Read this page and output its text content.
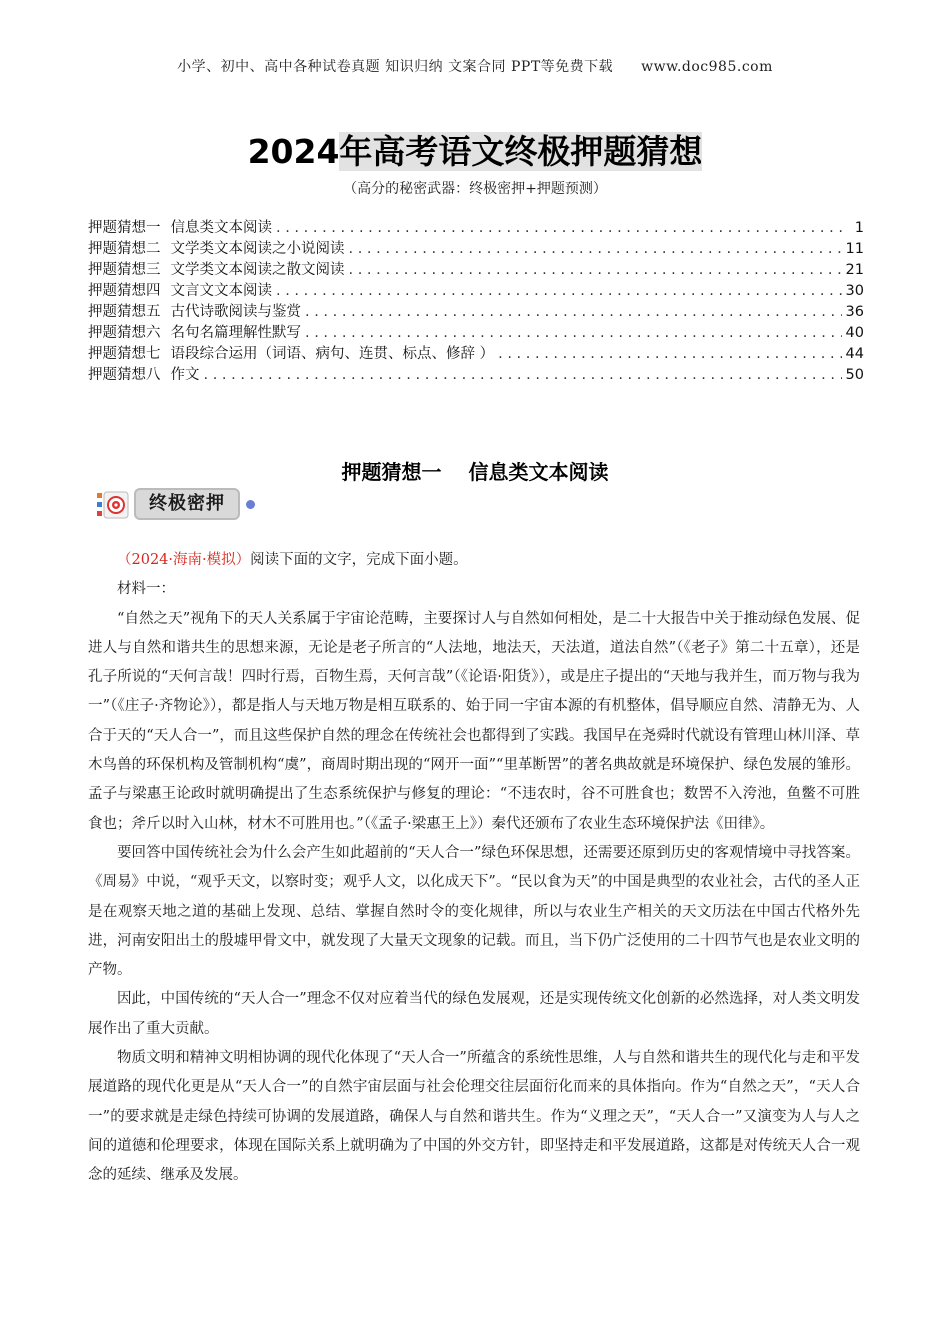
小学、初中、高中各种试卷真题 知识归纳 文案合同 PPT等免费下载 www.doc985.com
2024年高考语文终极押题猜想
（高分的秘密武器：终极密押+押题预测）
押题猜想一 信息类文本阅读 . . .	1
押题猜想二 文学类文本阅读之小说阅读 . . .	11
押题猜想三 文学类文本阅读之散文阅读 . . .	21
押题猜想四 文言文文本阅读 . . .	30
押题猜想五 古代诗歌阅读与鉴赏 . . .	36
押题猜想六 名句名篇理解性默写 . . .	40
押题猜想七 语段综合运用（词语、病句、连贯、标点、修辞 ） . . .	44
押题猜想八 作文 . . .	50
押题猜想一 信息类文本阅读
终极密押

（2024·海南·模拟）阅读下面的文字，完成下面小题。

材料一：

“自然之天”视角下的天人关系属于宇宙论范畴，主要探讨人与自然如何相处，是二十大报告中关于推动绿色发展、促进人与自然和谐共生的思想来源，无论是老子所言的“人法地，地法天，天法道，道法自然”（《老子》第二十五章），还是孔子所说的“天何言哉！四时行焉，百物生焉，天何言哉”（《论语·阳货》），或是庄子提出的“天地与我并生，而万物与我为一”（《庄子·齐物论》），都是指人与天地万物是相互联系的、始于同一宇宙本源的有机整体，倡导顺应自然、清静无为、人合于天的“天人合一”，而且这些保护自然的理念在传统社会也都得到了实践。我国早在尧舜时代就设有管理山林川泽、草木鸟兽的环保机构及管制机构“虞”，商周时期出现的“网开一面”“里革断罟”的著名典故就是环境保护、绿色发展的雏形。孟子与梁惠王论政时就明确提出了生态系统保护与修复的理论：“不违农时，谷不可胜食也；数罟不入洿池，鱼鳖不可胜食也；斧斤以时入山林，材木不可胜用也。”（《孟子·梁惠王上》）秦代还颁布了农业生态环境保护法《田律》。

要回答中国传统社会为什么会产生如此超前的“天人合一”绿色环保思想，还需要还原到历史的客观情境中寻找答案。《周易》中说，“观乎天文，以察时变；观乎人文，以化成天下”。“民以食为天”的中国是典型的农业社会，古代的圣人正是在观察天地之道的基础上发现、总结、掌握自然时令的变化规律，所以与农业生产相关的天文历法在中国古代格外先进，河南安阳出土的殷墟甲骨文中，就发现了大量天文现象的记载。而且，当下仍广泛使用的二十四节气也是农业文明的产物。

因此，中国传统的“天人合一”理念不仅对应着当代的绿色发展观，还是实现传统文化创新的必然选择，对人类文明发展作出了重大贡献。

物质文明和精神文明相协调的现代化体现了“天人合一”所蕴含的系统性思维，人与自然和谐共生的现代化与走和平发展道路的现代化更是从“天人合一”的自然宇宙层面与社会伦理交往层面衍化而来的具体指向。作为“自然之天”，“天人合一”的要求就是走绿色持续可协调的发展道路，确保人与自然和谐共生。作为“义理之天”，“天人合一”又演变为人与人之间的道德和伦理要求，体现在国际关系上就明确为了中国的外交方针，即坚持走和平发展道路，这都是对传统天人合一观念的延续、继承及发展。
